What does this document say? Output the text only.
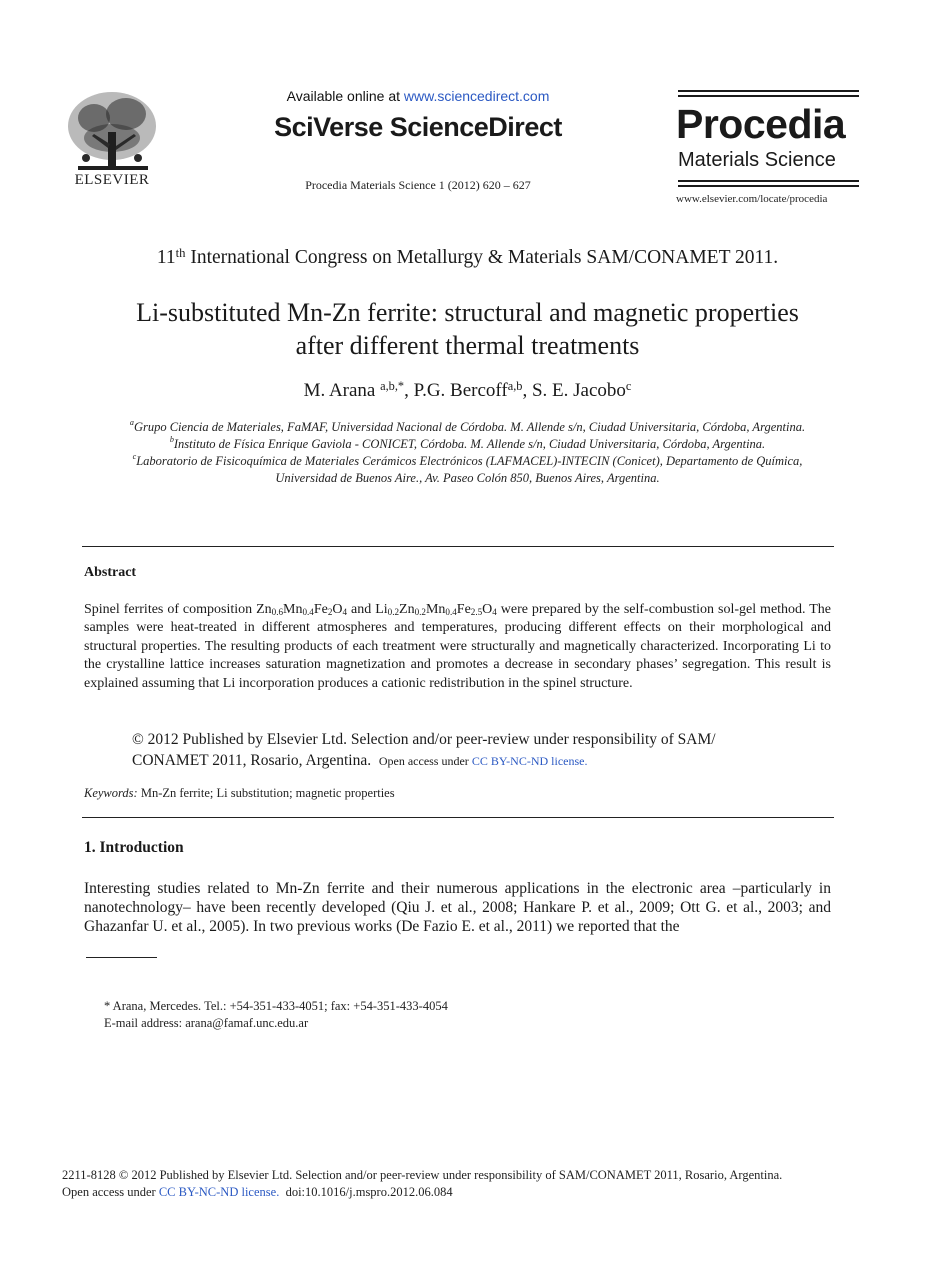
ELSEVIER
Available online at www.sciencedirect.com
SciVerse ScienceDirect
Procedia Materials Science 1 (2012) 620 – 627
Procedia
Materials Science
www.elsevier.com/locate/procedia
11th International Congress on Metallurgy & Materials SAM/CONAMET 2011.
Li-substituted Mn-Zn ferrite: structural and magnetic properties
after different thermal treatments
M. Arana $^{a,b,*}$, P.G. Bercoff$^{a,b}$, S. E. Jacobo$^c$
$^a$Grupo Ciencia de Materiales, FaMAF, Universidad Nacional de Córdoba. M. Allende s/n, Ciudad Universitaria, Córdoba, Argentina.
$^b$Instituto de Física Enrique Gaviola - CONICET, Córdoba. M. Allende s/n, Ciudad Universitaria, Córdoba, Argentina.
$^c$Laboratorio de Fisicoquímica de Materiales Cerámicos Electrónicos (LAFMACEL)-INTECIN (Conicet), Departamento de Química,
Universidad de Buenos Aire., Av. Paseo Colón 850, Buenos Aires, Argentina.
Abstract
Spinel ferrites of composition $Zn_{0.6}Mn_{0.4}Fe_2O_4$ and $Li_{0.2}Zn_{0.2}Mn_{0.4}Fe_{2.5}O_4$ were prepared by the self-combustion sol-gel method. The samples were heat-treated in different atmospheres and temperatures, producing different effects on their morphological and structural properties. The resulting products of each treatment were structurally and magnetically characterized. Incorporating Li to the crystalline lattice increases saturation magnetization and promotes a decrease in secondary phases’ segregation. This result is explained assuming that Li incorporation produces a cationic redistribution in the spinel structure.
© 2012 Published by Elsevier Ltd. Selection and/or peer-review under responsibility of SAM/
CONAMET 2011, Rosario, Argentina. Open access under CC BY-NC-ND license.
Keywords: Mn-Zn ferrite; Li substitution; magnetic properties
1. Introduction
Interesting studies related to Mn-Zn ferrite and their numerous applications in the electronic area –particularly in nanotechnology– have been recently developed (Qiu J. et al., 2008; Hankare P. et al., 2009; Ott G. et al., 2003; and Ghazanfar U. et al., 2005). In two previous works (De Fazio E. et al., 2011) we reported that the
* Arana, Mercedes. Tel.: +54-351-433-4051; fax: +54-351-433-4054
E-mail address: arana@famaf.unc.edu.ar
2211-8128 © 2012 Published by Elsevier Ltd. Selection and/or peer-review under responsibility of SAM/CONAMET 2011, Rosario, Argentina.
Open access under CC BY-NC-ND license.  doi:10.1016/j.mspro.2012.06.084
